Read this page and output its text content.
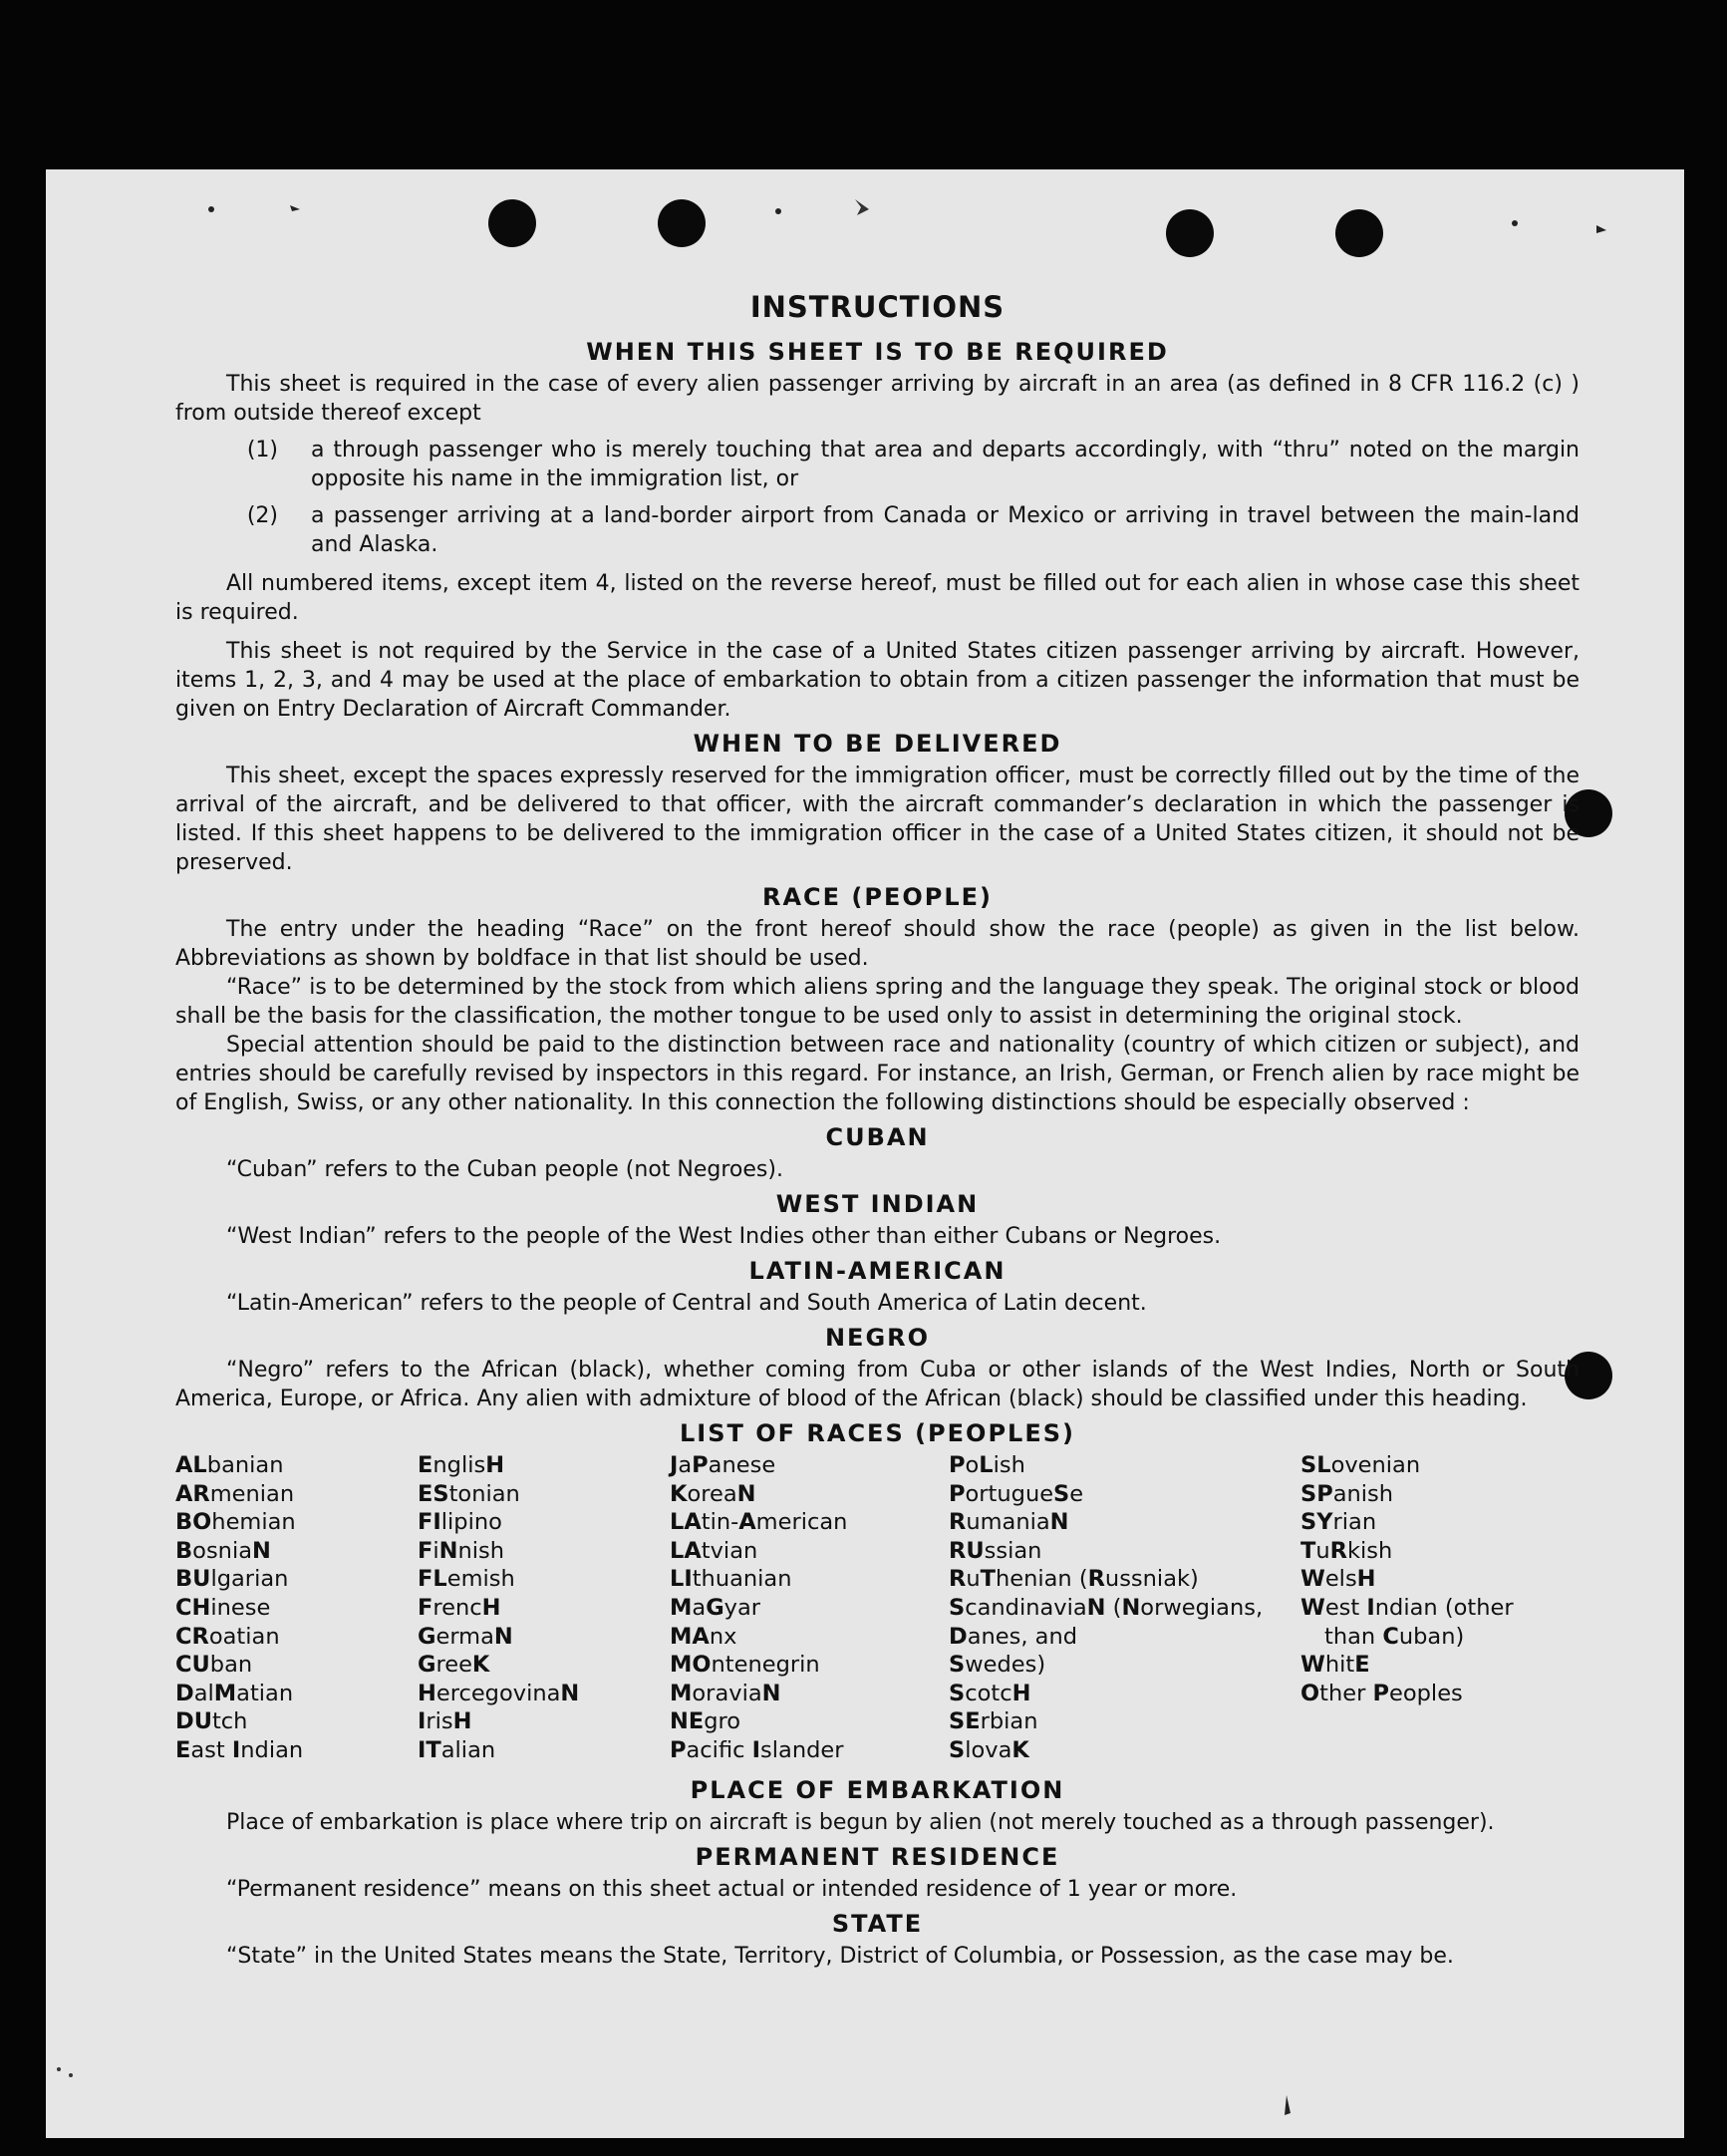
INSTRUCTIONS
WHEN THIS SHEET IS TO BE REQUIRED

This sheet is required in the case of every alien passenger arriving by aircraft in an area (as defined in 8 CFR 116.2 (c) ) from outside thereof except

(1)	a through passenger who is merely touching that area and departs accordingly, with “thru” noted on the margin opposite his name in the immigration list, or
(2)	a passenger arriving at a land-border airport from Canada or Mexico or arriving in travel between the main-land and Alaska.

All numbered items, except item 4, listed on the reverse hereof, must be filled out for each alien in whose case this sheet is required.

This sheet is not required by the Service in the case of a United States citizen passenger arriving by aircraft. However, items 1, 2, 3, and 4 may be used at the place of embarkation to obtain from a citizen passenger the information that must be given on Entry Declaration of Aircraft Commander.

WHEN TO BE DELIVERED

This sheet, except the spaces expressly reserved for the immigration officer, must be correctly filled out by the time of the arrival of the aircraft, and be delivered to that officer, with the aircraft commander’s declaration in which the passenger is listed. If this sheet happens to be delivered to the immigration officer in the case of a United States citizen, it should not be preserved.

RACE (PEOPLE)

The entry under the heading “Race” on the front hereof should show the race (people) as given in the list below. Abbreviations as shown by boldface in that list should be used.

“Race” is to be determined by the stock from which aliens spring and the language they speak. The original stock or blood shall be the basis for the classification, the mother tongue to be used only to assist in determining the original stock.

Special attention should be paid to the distinction between race and nationality (country of which citizen or subject), and entries should be carefully revised by inspectors in this regard. For instance, an Irish, German, or French alien by race might be of English, Swiss, or any other nationality. In this connection the following distinctions should be especially observed :

CUBAN

“Cuban” refers to the Cuban people (not Negroes).

WEST INDIAN

“West Indian” refers to the people of the West Indies other than either Cubans or Negroes.

LATIN-AMERICAN

“Latin-American” refers to the people of Central and South America of Latin decent.

NEGRO

“Negro” refers to the African (black), whether coming from Cuba or other islands of the West Indies, North or South America, Europe, or Africa. Any alien with admixture of blood of the African (black) should be classified under this heading.

LIST OF RACES (PEOPLES)
ALbanian
ARmenian
BOhemian
BosniaN
BUlgarian
CHinese
CRoatian
CUban
DalMatian
DUtch
East Indian
EnglisH
EStonian
FIlipino
FiNnish
FLemish
FrencH
GermaN
GreeK
HercegovinaN
IrisH
ITalian
JaPanese
KoreaN
LAtin-American
LAtvian
LIthuanian
MaGyar
MAnx
MOntenegrin
MoraviaN
NEgro
Pacifc Islander
PoLish
PortugueSe
RumaniaN
RUssian
RuThenian (Russniak)
ScandinaviaN (Norwegians,
Danes, and
Swedes)
ScotcH
SErbian
SlovaK
SLovenian
SPanish
SYrian
TuRkish
WelsH
West Indian (other
than Cuban)
WhitE
Other Peoples
PLACE OF EMBARKATION

Place of embarkation is place where trip on aircraft is begun by alien (not merely touched as a through passenger).

PERMANENT RESIDENCE

“Permanent residence” means on this sheet actual or intended residence of 1 year or more.

STATE

“State” in the United States means the State, Territory, District of Columbia, or Possession, as the case may be.
